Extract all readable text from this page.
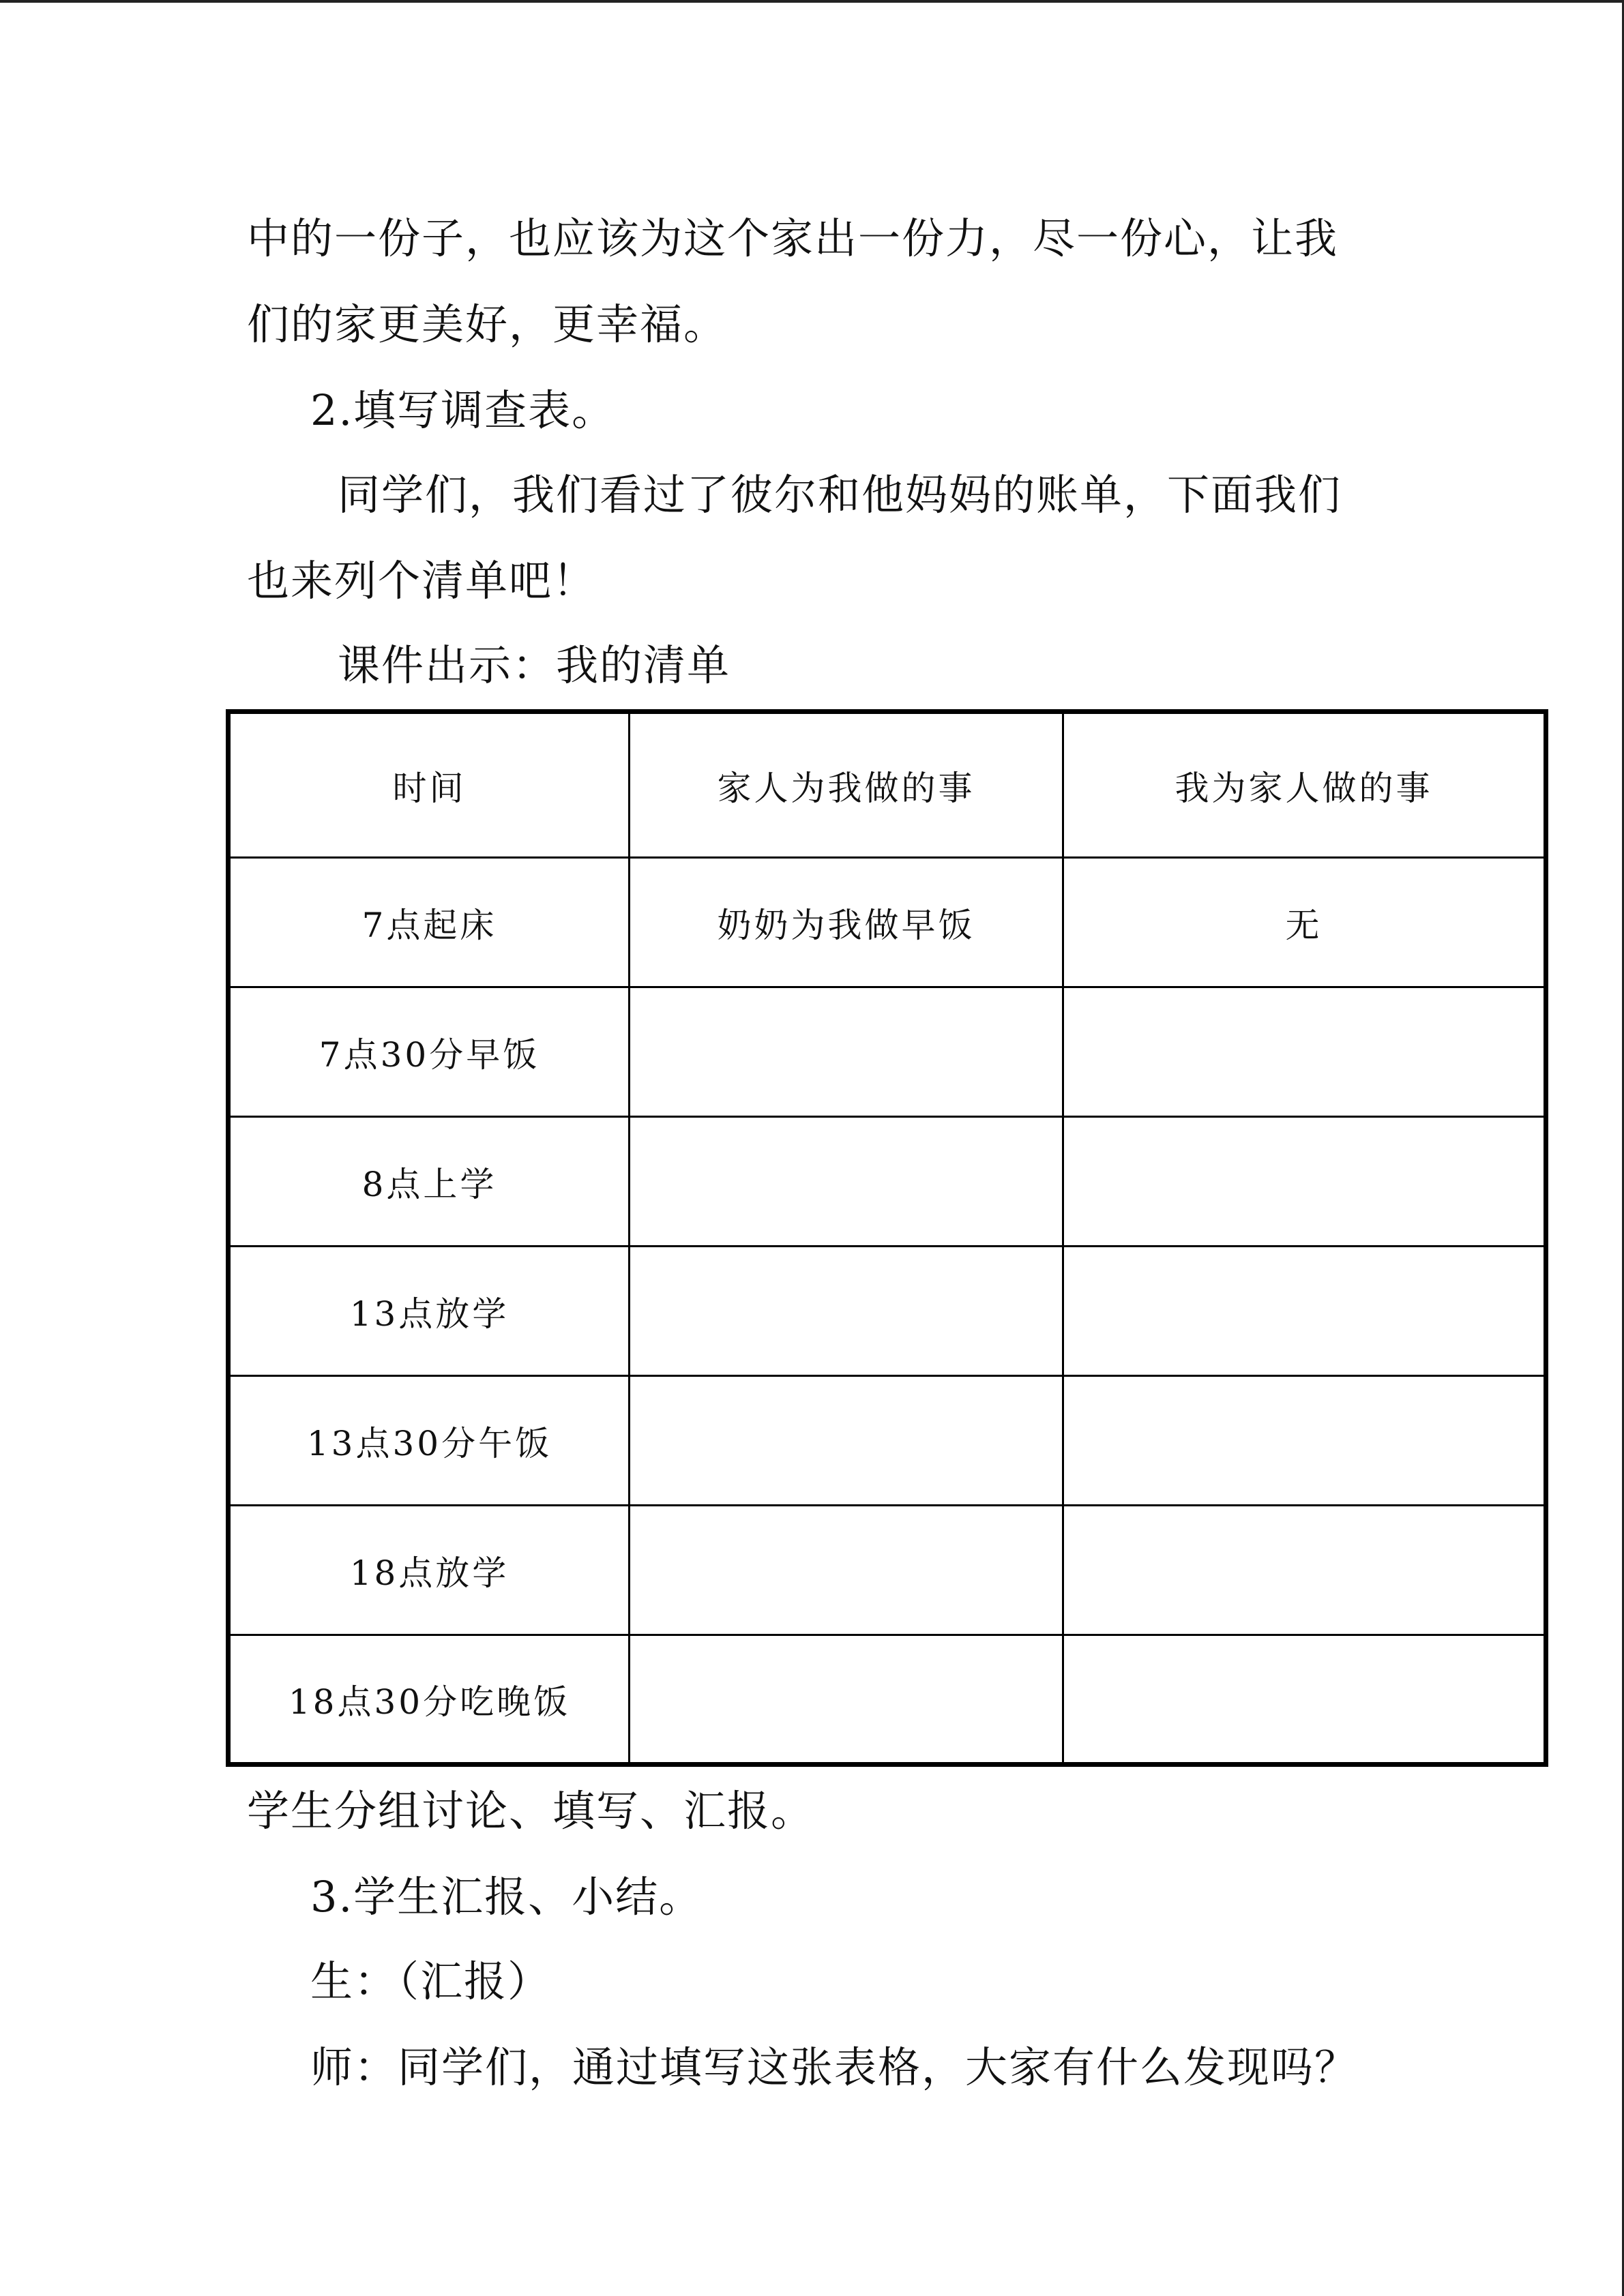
中的一份子，也应该为这个家出一份力，尽一份心，让我
们的家更美好，更幸福。
2.填写调查表。
同学们，我们看过了彼尔和他妈妈的账单，下面我们
也来列个清单吧！
课件出示：我的清单
时间	家人为我做的事	我为家人做的事
7点起床	奶奶为我做早饭	无
7点30分早饭		
8点上学		
13点放学		
13点30分午饭		
18点放学		
18点30分吃晚饭		
学生分组讨论、填写、汇报。
3.学生汇报、小结。
生：（汇报）
师：同学们，通过填写这张表格，大家有什么发现吗？
